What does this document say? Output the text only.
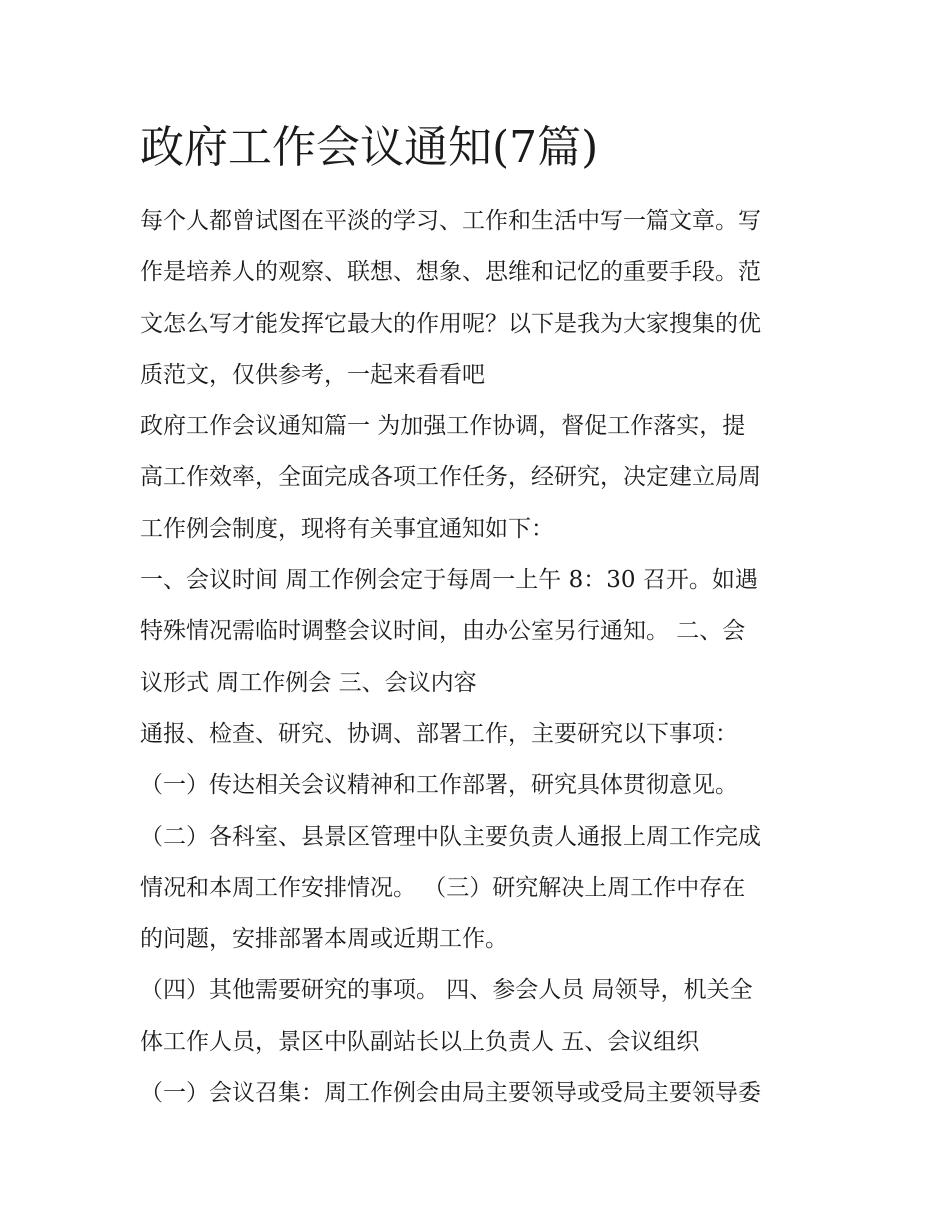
政府工作会议通知(7篇)
每个人都曾试图在平淡的学习、工作和生活中写一篇文章。写
作是培养人的观察、联想、想象、思维和记忆的重要手段。范
文怎么写才能发挥它最大的作用呢？以下是我为大家搜集的优
质范文，仅供参考，一起来看看吧
政府工作会议通知篇一 为加强工作协调，督促工作落实，提
高工作效率，全面完成各项工作任务，经研究，决定建立局周
工作例会制度，现将有关事宜通知如下：
一、会议时间 周工作例会定于每周一上午 8：30 召开。如遇
特殊情况需临时调整会议时间，由办公室另行通知。 二、会
议形式 周工作例会 三、会议内容
通报、检查、研究、协调、部署工作，主要研究以下事项：
（一）传达相关会议精神和工作部署，研究具体贯彻意见。
（二）各科室、县景区管理中队主要负责人通报上周工作完成
情况和本周工作安排情况。 （三）研究解决上周工作中存在
的问题，安排部署本周或近期工作。
（四）其他需要研究的事项。 四、参会人员 局领导，机关全
体工作人员，景区中队副站长以上负责人 五、会议组织
（一）会议召集：周工作例会由局主要领导或受局主要领导委
